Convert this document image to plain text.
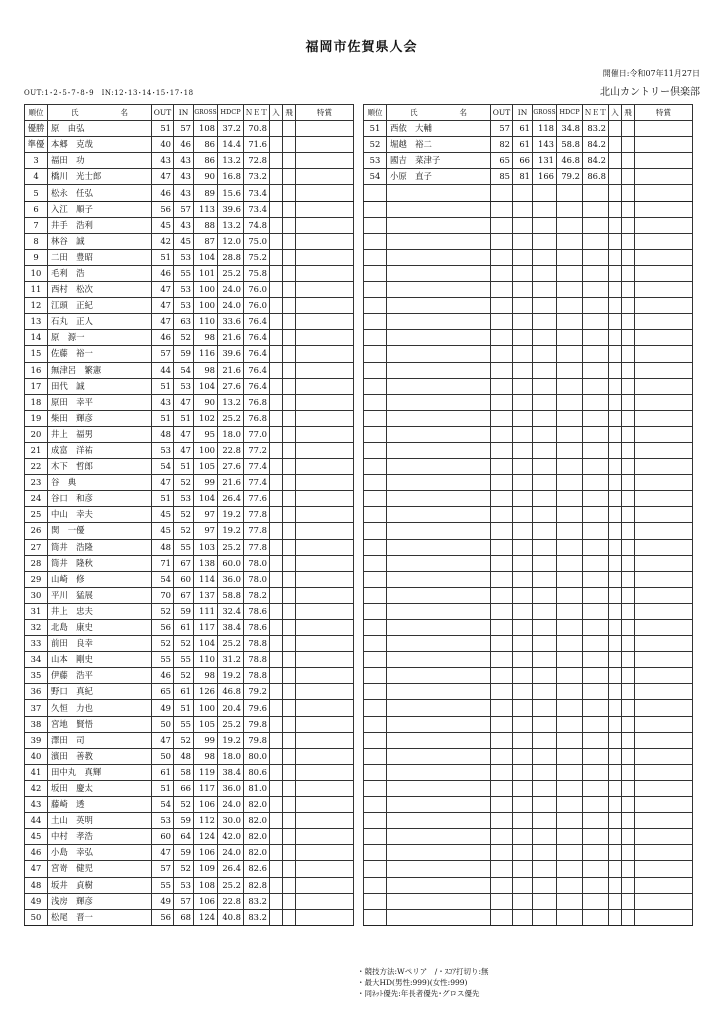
福岡市佐賀県人会
開催日:令和07年11月27日
北山カントリー倶楽部
OUT:1･2･5･7･8･9　IN:12･13･14･15･17･18
順位	氏 名	OUT	IN	GROSS	HDCP	ＮＥＴ	入	飛	特賞
優勝	原　由弘	51	57	108	37.2	70.8			
準優	本郷　克哉	40	46	86	14.4	71.6			
3	福田　功	43	43	86	13.2	72.8			
4	橋川　光士郎	47	43	90	16.8	73.2			
5	松永　任弘	46	43	89	15.6	73.4			
6	入江　順子	56	57	113	39.6	73.4			
7	井手　浩利	45	43	88	13.2	74.8			
8	林谷　誠	42	45	87	12.0	75.0			
9	二田　豊昭	51	53	104	28.8	75.2			
10	毛利　浩	46	55	101	25.2	75.8			
11	西村　松次	47	53	100	24.0	76.0			
12	江頭　正紀	47	53	100	24.0	76.0			
13	石丸　正人	47	63	110	33.6	76.4			
14	原　源一	46	52	98	21.6	76.4			
15	佐藤　裕一	57	59	116	39.6	76.4			
16	無津呂　繁憲	44	54	98	21.6	76.4			
17	田代　誠	51	53	104	27.6	76.4			
18	原田　幸平	43	47	90	13.2	76.8			
19	柴田　輝彦	51	51	102	25.2	76.8			
20	井上　福男	48	47	95	18.0	77.0			
21	成富　洋祐	53	47	100	22.8	77.2			
22	木下　哲郎	54	51	105	27.6	77.4			
23	谷　典	47	52	99	21.6	77.4			
24	谷口　和彦	51	53	104	26.4	77.6			
25	中山　幸夫	45	52	97	19.2	77.8			
26	関　一優	45	52	97	19.2	77.8			
27	筒井　浩隆	48	55	103	25.2	77.8			
28	筒井　隆秋	71	67	138	60.0	78.0			
29	山崎　修	54	60	114	36.0	78.0			
30	平川　猛展	70	67	137	58.8	78.2			
31	井上　忠夫	52	59	111	32.4	78.6			
32	北島　康史	56	61	117	38.4	78.6			
33	前田　良幸	52	52	104	25.2	78.8			
34	山本　剛史	55	55	110	31.2	78.8			
35	伊藤　浩平	46	52	98	19.2	78.8			
36	野口　真紀	65	61	126	46.8	79.2			
37	久恒　力也	49	51	100	20.4	79.6			
38	宮地　賢悟	50	55	105	25.2	79.8			
39	澤田　司	47	52	99	19.2	79.8			
40	濱田　善教	50	48	98	18.0	80.0			
41	田中丸　真輝	61	58	119	38.4	80.6			
42	坂田　慶太	51	66	117	36.0	81.0			
43	藤崎　透	54	52	106	24.0	82.0			
44	土山　英明	53	59	112	30.0	82.0			
45	中村　孝浩	60	64	124	42.0	82.0			
46	小島　幸弘	47	59	106	24.0	82.0			
47	宮嵜　健児	57	52	109	26.4	82.6			
48	坂井　貞樹	55	53	108	25.2	82.8			
49	浅房　輝彦	49	57	106	22.8	83.2			
50	松尾　晋一	56	68	124	40.8	83.2			
順位	氏 名	OUT	IN	GROSS	HDCP	ＮＥＴ	入	飛	特賞
51	西依　大輔	57	61	118	34.8	83.2			
52	堀越　裕二	82	61	143	58.8	84.2			
53	國吉　菜津子	65	66	131	46.8	84.2			
54	小原　直子	85	81	166	79.2	86.8			

・競技方法:Wペリア　/・ｽｺｱ打切り:無
・最大HD(男性:999)(女性:999)
・同ﾈｯﾄ優先:年長者優先･グロス優先
